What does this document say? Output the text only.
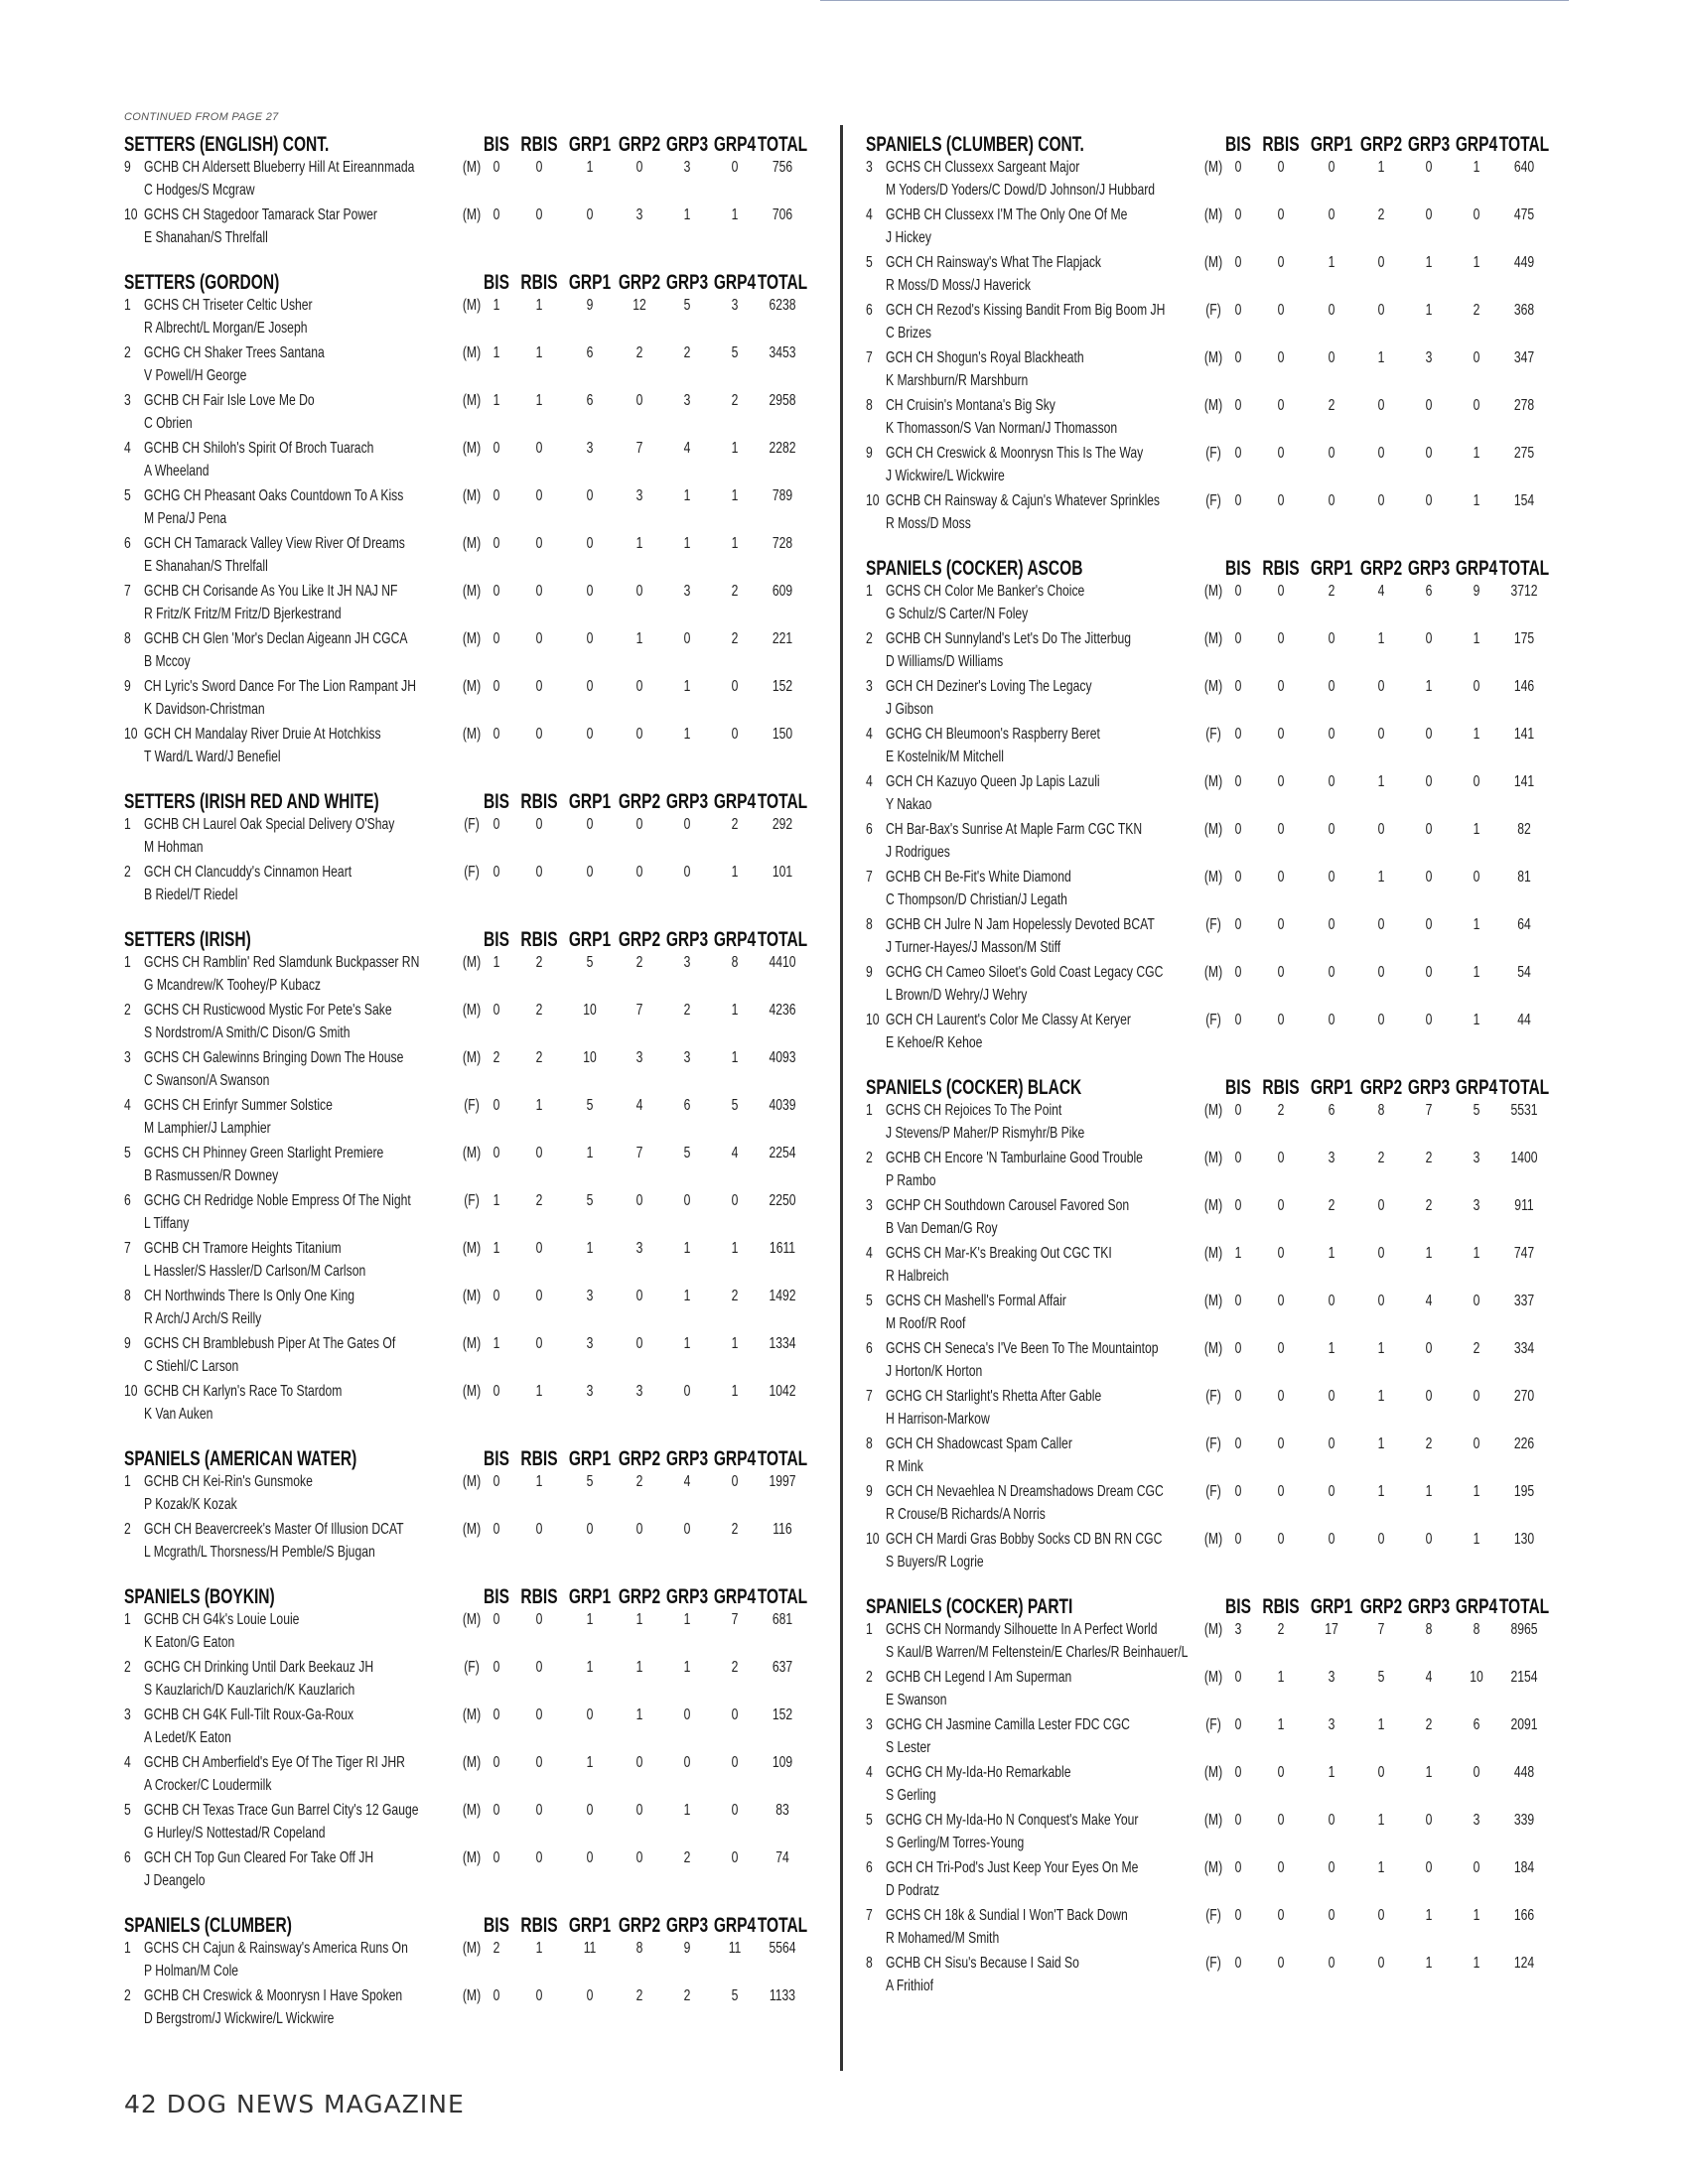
CONTINUED FROM PAGE 27
SETTERS (ENGLISH) CONT.	BIS RBIS GRP1 GRP2 GRP3 GRP4 TOTAL
9 GCHB CH Aldersett Blueberry Hill At Eireannmada
C Hodges/S Mcgraw
(M) 0 0	1	0	3	0 756
10 GCHS CH Stagedoor Tamarack Star Power
E Shanahan/S Threlfall
(M) 0 0	0	3	1	1 706
SETTERS (GORDON)	BIS RBIS GRP1 GRP2 GRP3 GRP4 TOTAL
1 GCHS CH Triseter Celtic Usher
R Albrecht/L Morgan/E Joseph
(M) 1 1	9 12 5	3 6238
2 GCHG CH Shaker Trees Santana
V Powell/H George
(M) 1 1	6	2	2	5 3453
3 GCHB CH Fair Isle Love Me Do
C Obrien
(M) 1 1	6	0	3	2 2958
4 GCHB CH Shiloh's Spirit Of Broch Tuarach
A Wheeland
(M) 0 0	3	7	4	1 2282
5 GCHG CH Pheasant Oaks Countdown To A Kiss
M Pena/J Pena
(M) 0 0	0	3	1	1 789
6 GCH CH Tamarack Valley View River Of Dreams
E Shanahan/S Threlfall
(M) 0 0	0	1	1	1 728
7 GCHB CH Corisande As You Like It JH NAJ NF
R Fritz/K Fritz/M Fritz/D Bjerkestrand
(M) 0 0	0	0	3	2 609
8 GCHB CH Glen 'Mor's Declan Aigeann JH CGCA
B Mccoy
(M) 0 0	0	1	0	2 221
9 CH Lyric's Sword Dance For The Lion Rampant JH
K Davidson-Christman
(M) 0 0	0	0	1	0 152
10 GCH CH Mandalay River Druie At Hotchkiss
T Ward/L Ward/J Benefiel
(M) 0 0	0	0	1	0 150
SETTERS (IRISH RED AND WHITE)	BIS RBIS GRP1 GRP2 GRP3 GRP4 TOTAL
1 GCHB CH Laurel Oak Special Delivery O'Shay
M Hohman
(F) 0 0	0	0	0	2 292
2 GCH CH Clancuddy's Cinnamon Heart
B Riedel/T Riedel
(F) 0 0	0	0	0	1 101
SETTERS (IRISH)	BIS RBIS GRP1 GRP2 GRP3 GRP4 TOTAL
1 GCHS CH Ramblin' Red Slamdunk Buckpasser RN
G Mcandrew/K Toohey/P Kubacz
(M) 1 2	5	2	3	8 4410
2 GCHS CH Rusticwood Mystic For Pete's Sake
S Nordstrom/A Smith/C Dison/G Smith
(M) 0 2	10 7	2	1 4236
3 GCHS CH Galewinns Bringing Down The House
C Swanson/A Swanson
(M) 2 2	10 3	3	1 4093
4 GCHS CH Erinfyr Summer Solstice
M Lamphier/J Lamphier
(F) 0 1	5	4	6	5 4039
5 GCHS CH Phinney Green Starlight Premiere
B Rasmussen/R Downey
(M) 0 0	1	7	5	4 2254
6 GCHG CH Redridge Noble Empress Of The Night
L Tiffany
(F) 1 2	5	0	0	0 2250
7 GCHB CH Tramore Heights Titanium
L Hassler/S Hassler/D Carlson/M Carlson
(M) 1 0	1	3	1	1 1611
8 CH Northwinds There Is Only One King
R Arch/J Arch/S Reilly
(M) 0 0	3	0	1	2 1492
9 GCHS CH Bramblebush Piper At The Gates Of
C Stiehl/C Larson
(M) 1 0	3	0	1	1 1334
10 GCHB CH Karlyn's Race To Stardom
K Van Auken
(M) 0 1	3	3	0	1 1042
SPANIELS (AMERICAN WATER)	BIS RBIS GRP1 GRP2 GRP3 GRP4 TOTAL
1 GCHB CH Kei-Rin's Gunsmoke
P Kozak/K Kozak
(M) 0 1	5	2	4	0 1997
2 GCH CH Beavercreek's Master Of Illusion DCAT
L Mcgrath/L Thorsness/H Pemble/S Bjugan
(M) 0 0	0	0	0	2 116
SPANIELS (BOYKIN)	BIS RBIS GRP1 GRP2 GRP3 GRP4 TOTAL
1 GCHB CH G4k's Louie Louie
K Eaton/G Eaton
(M) 0 0	1	1	1	7 681
2 GCHG CH Drinking Until Dark Beekauz JH
S Kauzlarich/D Kauzlarich/K Kauzlarich
(F) 0 0	1	1	1	2 637
3 GCHB CH G4K Full-Tilt Roux-Ga-Roux
A Ledet/K Eaton
(M) 0 0	0	1	0	0 152
4 GCHB CH Amberfield's Eye Of The Tiger RI JHR
A Crocker/C Loudermilk
(M) 0 0	1	0	0	0 109
5 GCHB CH Texas Trace Gun Barrel City's 12 Gauge
G Hurley/S Nottestad/R Copeland
(M) 0 0	0	0	1	0 83
6 GCH CH Top Gun Cleared For Take Off JH
J Deangelo
(M) 0 0	0	0	2	0 74
SPANIELS (CLUMBER)	BIS RBIS GRP1 GRP2 GRP3 GRP4 TOTAL
1 GCHS CH Cajun & Rainsway's America Runs On
P Holman/M Cole
(M) 2 1	11	8	9 11 5564
2 GCHB CH Creswick & Moonrysn I Have Spoken
D Bergstrom/J Wickwire/L Wickwire
(M) 0 0	0	2	2	5 1133
SPANIELS (CLUMBER) CONT.	BIS RBIS GRP1 GRP2 GRP3 GRP4 TOTAL
3 GCHS CH Clussexx Sargeant Major
M Yoders/D Yoders/C Dowd/D Johnson/J Hubbard
(M) 0 0	0	1	0	1 640
4 GCHB CH Clussexx I'M The Only One Of Me
J Hickey
(M) 0 0	0	2	0	0 475
5 GCH CH Rainsway's What The Flapjack
R Moss/D Moss/J Haverick
(M) 0 0	1	0	1	1 449
6 GCH CH Rezod's Kissing Bandit From Big Boom JH
C Brizes
(F) 0 0	0	0	1	2 368
7 GCH CH Shogun's Royal Blackheath
K Marshburn/R Marshburn
(M) 0 0	0	1	3	0 347
8 CH Cruisin's Montana's Big Sky
K Thomasson/S Van Norman/J Thomasson
(M) 0 0	2	0	0	0 278
9 GCH CH Creswick & Moonrysn This Is The Way
J Wickwire/L Wickwire
(F) 0 0	0	0	0	1 275
10 GCHB CH Rainsway & Cajun's Whatever Sprinkles
R Moss/D Moss
(F) 0 0	0	0	0	1 154
SPANIELS (COCKER) ASCOB	BIS RBIS GRP1 GRP2 GRP3 GRP4 TOTAL
1 GCHS CH Color Me Banker's Choice
G Schulz/S Carter/N Foley
(M) 0 0	2	4	6	9 3712
2 GCHB CH Sunnyland's Let's Do The Jitterbug
D Williams/D Williams
(M) 0 0	0	1	0	1 175
3 GCH CH Deziner's Loving The Legacy
J Gibson
(M) 0 0	0	0	1	0 146
4 GCHG CH Bleumoon's Raspberry Beret
E Kostelnik/M Mitchell
(F) 0 0	0	0	0	1 141
4 GCH CH Kazuyo Queen Jp Lapis Lazuli
Y Nakao
(M) 0 0	0	1	0	0 141
6 CH Bar-Bax's Sunrise At Maple Farm CGC TKN
J Rodrigues
(M) 0 0	0	0	0	1 82
7 GCHB CH Be-Fit's White Diamond
C Thompson/D Christian/J Legath
(M) 0 0	0	1	0	0 81
8 GCHB CH Julre N Jam Hopelessly Devoted BCAT
J Turner-Hayes/J Masson/M Stiff
(F) 0 0	0	0	0	1 64
9 GCHG CH Cameo Siloet's Gold Coast Legacy CGC
L Brown/D Wehry/J Wehry
(M) 0 0	0	0	0	1 54
10 GCH CH Laurent's Color Me Classy At Keryer
E Kehoe/R Kehoe
(F) 0 0	0	0	0	1 44
SPANIELS (COCKER) BLACK	BIS RBIS GRP1 GRP2 GRP3 GRP4 TOTAL
1 GCHS CH Rejoices To The Point
J Stevens/P Maher/P Rismyhr/B Pike
(M) 0 2	6	8	7	5 5531
2 GCHB CH Encore 'N Tamburlaine Good Trouble
P Rambo
(M) 0 0	3	2	2	3 1400
3 GCHP CH Southdown Carousel Favored Son
B Van Deman/G Roy
(M) 0 0	2	0	2	3 911
4 GCHS CH Mar-K's Breaking Out CGC TKI
R Halbreich
(M) 1 0	1	0	1	1 747
5 GCHS CH Mashell's Formal Affair
M Roof/R Roof
(M) 0 0	0	0	4	0 337
6 GCHS CH Seneca's I'Ve Been To The Mountaintop
J Horton/K Horton
(M) 0 0	1	1	0	2 334
7 GCHG CH Starlight's Rhetta After Gable
H Harrison-Markow
(F) 0 0	0	1	0	0 270
8 GCH CH Shadowcast Spam Caller
R Mink
(F) 0 0	0	1	2	0 226
9 GCH CH Nevaehlea N Dreamshadows Dream CGC
R Crouse/B Richards/A Norris
(F) 0 0	0	1	1	1 195
10 GCH CH Mardi Gras Bobby Socks CD BN RN CGC
S Buyers/R Logrie
(M) 0 0	0	0	0	1 130
SPANIELS (COCKER) PARTI	BIS RBIS GRP1 GRP2 GRP3 GRP4 TOTAL
1 GCHS CH Normandy Silhouette In A Perfect World
S Kaul/B Warren/M Feltenstein/E Charles/R Beinhauer/L
(M) 3 2	17 7	8	8 8965
2 GCHB CH Legend I Am Superman
E Swanson
(M) 0 1	3	5	4 10 2154
3 GCHG CH Jasmine Camilla Lester FDC CGC
S Lester
(F) 0 1	3	1	2	6 2091
4 GCHG CH My-Ida-Ho Remarkable
S Gerling
(M) 0 0	1	0	1	0 448
5 GCHG CH My-Ida-Ho N Conquest's Make Your
S Gerling/M Torres-Young
(M) 0 0	0	1	0	3 339
6 GCH CH Tri-Pod's Just Keep Your Eyes On Me
D Podratz
(M) 0 0	0	1	0	0 184
7 GCHS CH 18k & Sundial I Won'T Back Down
R Mohamed/M Smith
(F) 0 0	0	0	1	1 166
8 GCHB CH Sisu's Because I Said So
A Frithiof
(F) 0 0	0	0	1	1 124
42 DOG NEWS MAGAZINE
